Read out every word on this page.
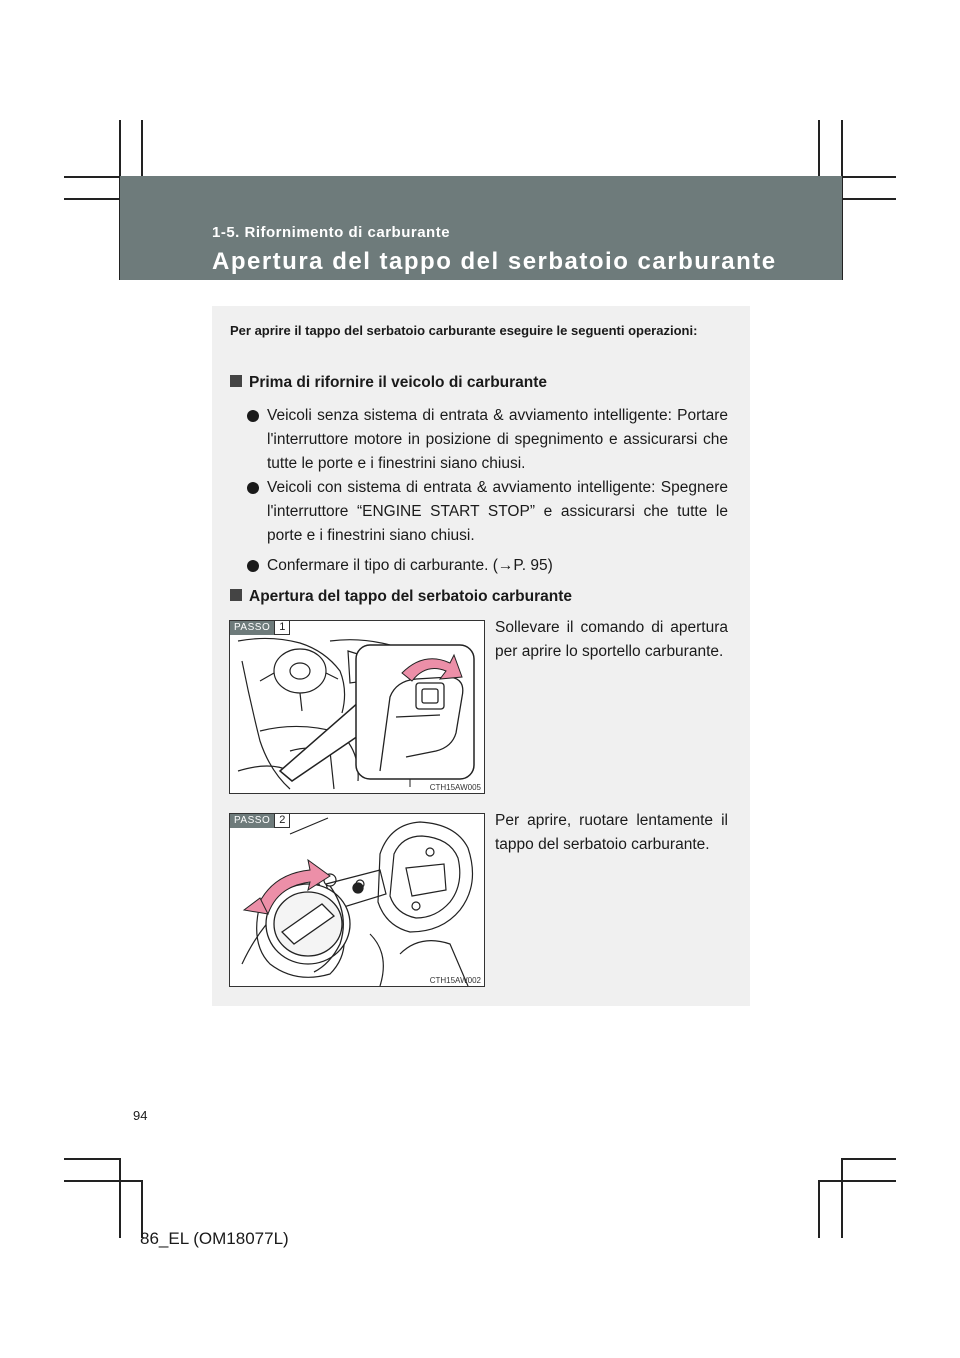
1-5. Rifornimento di carburante
Apertura del tappo del serbatoio carburante
Per aprire il tappo del serbatoio carburante eseguire le seguenti operazioni:
Prima di rifornire il veicolo di carburante
Veicoli senza sistema di entrata & avviamento intelligente: Portare l'interruttore motore in posizione di spegnimento e assicurarsi che tutte le porte e i finestrini siano chiusi.
Veicoli con sistema di entrata & avviamento intelligente: Spegnere l'interruttore “ENGINE START STOP” e assicurarsi che tutte le porte e i finestrini siano chiusi.
Confermare il tipo di carburante. (→P. 95)
Apertura del tappo del serbatoio carburante
PASSO 1
CTH15AW005
Sollevare il comando di apertura per aprire lo sportello carburante.
PASSO 2
CTH15AW002
Per aprire, ruotare lentamente il tappo del serbatoio carburante.
94
86_EL (OM18077L)
